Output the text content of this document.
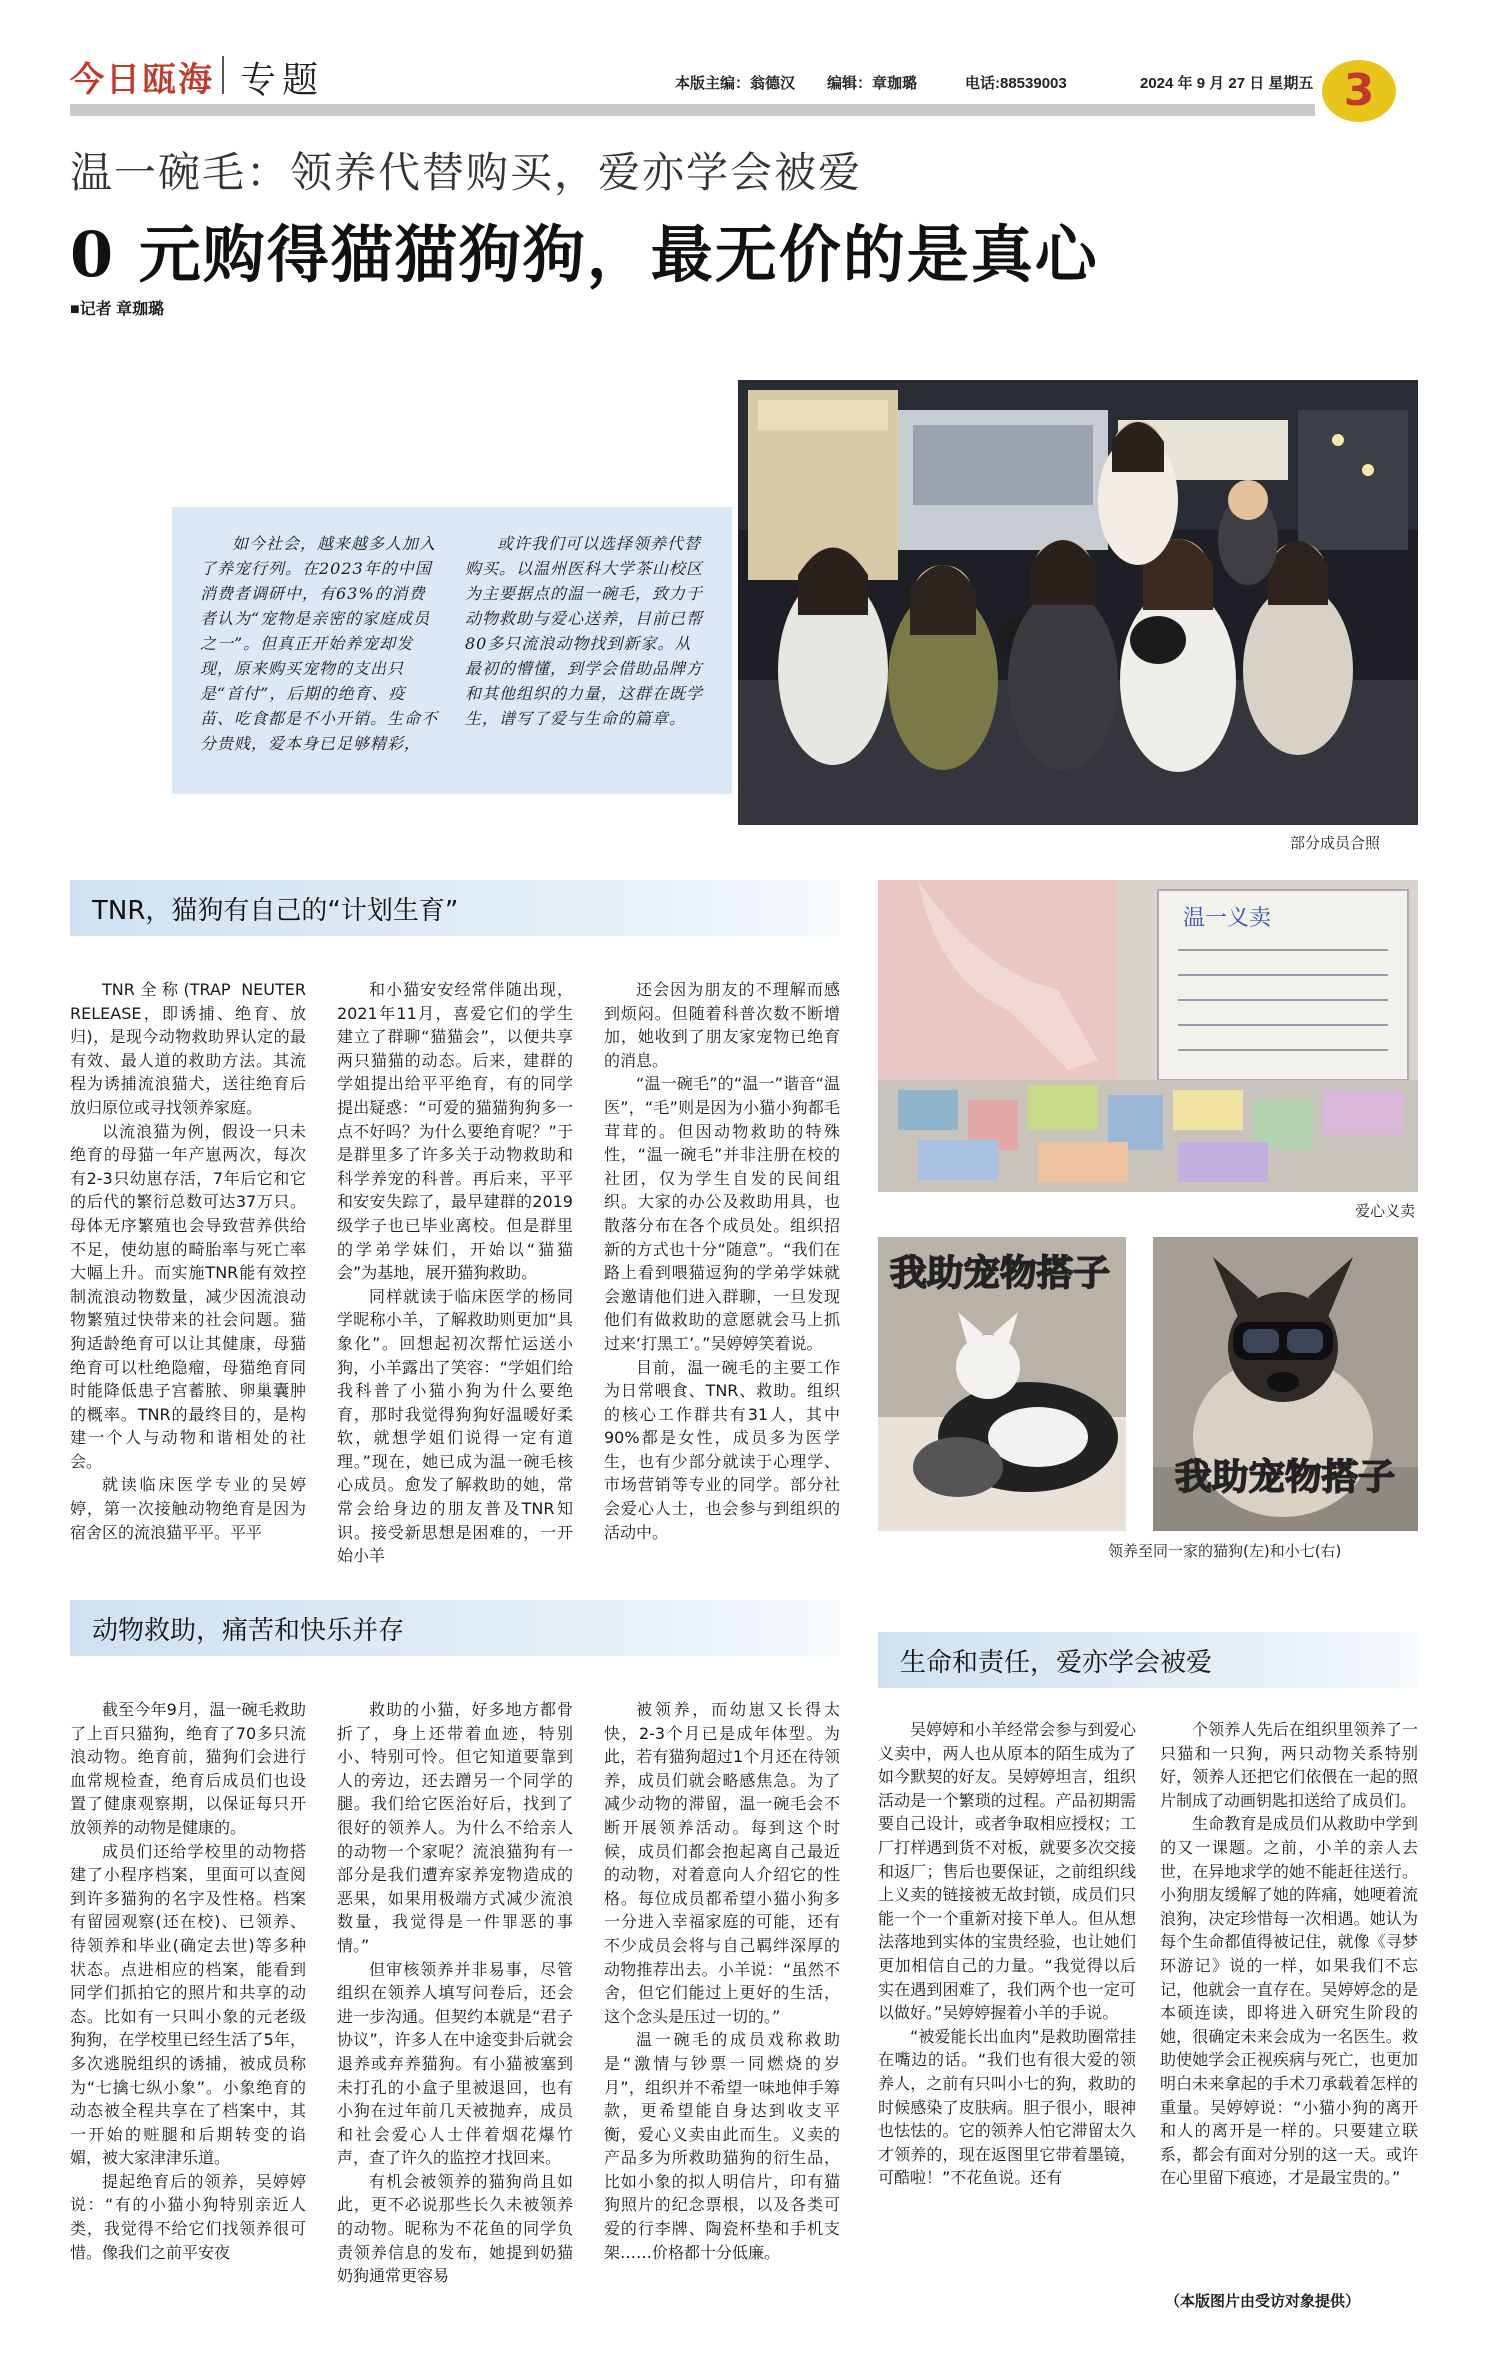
今日瓯海 专题	本版主编：翁德汉 编辑：章珈璐	电话:88539003	2024 年 9 月 27 日 星期五 3
温一碗毛：领养代替购买，爱亦学会被爱
0 元购得猫猫狗狗，最无价的是真心
■记者 章珈璐
部分成员合照

如今社会，越来越多人加入了养宠行列。在2023年的中国消费者调研中，有63%的消费者认为“宠物是亲密的家庭成员之一”。但真正开始养宠却发现，原来购买宠物的支出只是“首付”，后期的绝育、疫苗、吃食都是不小开销。生命不分贵贱，爱本身已足够精彩，

或许我们可以选择领养代替购买。以温州医科大学茶山校区为主要据点的温一碗毛，致力于动物救助与爱心送养，目前已帮80多只流浪动物找到新家。从最初的懵懂，到学会借助品牌方和其他组织的力量，这群在既学生，谱写了爱与生命的篇章。

TNR，猫狗有自己的“计划生育”

TNR全称(TRAP NEUTER RELEASE，即诱捕、绝育、放归)，是现今动物救助界认定的最有效、最人道的救助方法。其流程为诱捕流浪猫犬，送往绝育后放归原位或寻找领养家庭。

以流浪猫为例，假设一只未绝育的母猫一年产崽两次，每次有2-3只幼崽存活，7年后它和它的后代的繁衍总数可达37万只。母体无序繁殖也会导致营养供给不足，使幼崽的畸胎率与死亡率大幅上升。而实施TNR能有效控制流浪动物数量，减少因流浪动物繁殖过快带来的社会问题。猫狗适龄绝育可以让其健康，母猫绝育可以杜绝隐瘤，母猫绝育同时能降低患子宫蓄脓、卵巢囊肿的概率。TNR的最终目的，是构建一个人与动物和谐相处的社会。

就读临床医学专业的吴婷婷，第一次接触动物绝育是因为宿舍区的流浪猫平平。平平

和小猫安安经常伴随出现，2021年11月，喜爱它们的学生建立了群聊“猫猫会”，以便共享两只猫猫的动态。后来，建群的学姐提出给平平绝育，有的同学提出疑惑：“可爱的猫猫狗狗多一点不好吗？为什么要绝育呢？”于是群里多了许多关于动物救助和科学养宠的科普。再后来，平平和安安失踪了，最早建群的2019级学子也已毕业离校。但是群里的学弟学妹们，开始以“猫猫会”为基地，展开猫狗救助。

同样就读于临床医学的杨同学昵称小羊，了解救助则更加“具象化”。回想起初次帮忙运送小狗，小羊露出了笑容：“学姐们给我科普了小猫小狗为什么要绝育，那时我觉得狗狗好温暖好柔软，就想学姐们说得一定有道理。”现在，她已成为温一碗毛核心成员。愈发了解救助的她，常常会给身边的朋友普及TNR知识。接受新思想是困难的，一开始小羊

还会因为朋友的不理解而感到烦闷。但随着科普次数不断增加，她收到了朋友家宠物已绝育的消息。

“温一碗毛”的“温一”谐音“温医”，“毛”则是因为小猫小狗都毛茸茸的。但因动物救助的特殊性，“温一碗毛”并非注册在校的社团，仅为学生自发的民间组织。大家的办公及救助用具，也散落分布在各个成员处。组织招新的方式也十分“随意”。“我们在路上看到喂猫逗狗的学弟学妹就会邀请他们进入群聊，一旦发现他们有做救助的意愿就会马上抓过来‘打黑工’。”吴婷婷笑着说。

目前，温一碗毛的主要工作为日常喂食、TNR、救助。组织的核心工作群共有31人，其中90%都是女性，成员多为医学生，也有少部分就读于心理学、市场营销等专业的同学。部分社会爱心人士，也会参与到组织的活动中。

温一义卖
爱心义卖
我助宠物搭子
我助宠物搭子
领养至同一家的猫狗(左)和小七(右)
动物救助，痛苦和快乐并存

截至今年9月，温一碗毛救助了上百只猫狗，绝育了70多只流浪动物。绝育前，猫狗们会进行血常规检查，绝育后成员们也设置了健康观察期，以保证每只开放领养的动物是健康的。

成员们还给学校里的动物搭建了小程序档案，里面可以查阅到许多猫狗的名字及性格。档案有留园观察(还在校)、已领养、待领养和毕业(确定去世)等多种状态。点进相应的档案，能看到同学们抓拍它的照片和共享的动态。比如有一只叫小象的元老级狗狗，在学校里已经生活了5年，多次逃脱组织的诱捕，被成员称为“七擒七纵小象”。小象绝育的动态被全程共享在了档案中，其一开始的赃腿和后期转变的谄媚，被大家津津乐道。

提起绝育后的领养，吴婷婷说：“有的小猫小狗特别亲近人类，我觉得不给它们找领养很可惜。像我们之前平安夜

救助的小猫，好多地方都骨折了，身上还带着血迹，特别小、特别可怜。但它知道要靠到人的旁边，还去蹭另一个同学的腿。我们给它医治好后，找到了很好的领养人。为什么不给亲人的动物一个家呢？流浪猫狗有一部分是我们遭弃家养宠物造成的恶果，如果用极端方式减少流浪数量，我觉得是一件罪恶的事情。”

但审核领养并非易事，尽管组织在领养人填写问卷后，还会进一步沟通。但契约本就是“君子协议”，许多人在中途变卦后就会退养或弃养猫狗。有小猫被塞到未打孔的小盒子里被退回，也有小狗在过年前几天被抛弃，成员和社会爱心人士伴着烟花爆竹声，查了许久的监控才找回来。

有机会被领养的猫狗尚且如此，更不必说那些长久未被领养的动物。昵称为不花鱼的同学负责领养信息的发布，她提到奶猫奶狗通常更容易

被领养，而幼崽又长得太快，2-3个月已是成年体型。为此，若有猫狗超过1个月还在待领养，成员们就会略感焦急。为了减少动物的滞留，温一碗毛会不断开展领养活动。每到这个时候，成员们都会抱起离自己最近的动物，对着意向人介绍它的性格。每位成员都希望小猫小狗多一分进入幸福家庭的可能，还有不少成员会将与自己羁绊深厚的动物推荐出去。小羊说：“虽然不舍，但它们能过上更好的生活，这个念头是压过一切的。”

温一碗毛的成员戏称救助是“激情与钞票一同燃烧的岁月”，组织并不希望一味地伸手筹款，更希望能自身达到收支平衡，爱心义卖由此而生。义卖的产品多为所救助猫狗的衍生品，比如小象的拟人明信片，印有猫狗照片的纪念票根，以及各类可爱的行李牌、陶瓷杯垫和手机支架……价格都十分低廉。

生命和责任，爱亦学会被爱

吴婷婷和小羊经常会参与到爱心义卖中，两人也从原本的陌生成为了如今默契的好友。吴婷婷坦言，组织活动是一个繁琐的过程。产品初期需要自己设计，或者争取相应授权；工厂打样遇到货不对板，就要多次交接和返厂；售后也要保证，之前组织线上义卖的链接被无故封锁，成员们只能一个一个重新对接下单人。但从想法落地到实体的宝贵经验，也让她们更加相信自己的力量。“我觉得以后实在遇到困难了，我们两个也一定可以做好。”吴婷婷握着小羊的手说。

“被爱能长出血肉”是救助圈常挂在嘴边的话。“我们也有很大爱的领养人，之前有只叫小七的狗，救助的时候感染了皮肤病。胆子很小，眼神也怯怯的。它的领养人怕它滞留太久才领养的，现在返图里它带着墨镜，可酷啦！”不花鱼说。还有

个领养人先后在组织里领养了一只猫和一只狗，两只动物关系特别好，领养人还把它们依偎在一起的照片制成了动画钥匙扣送给了成员们。

生命教育是成员们从救助中学到的又一课题。之前，小羊的亲人去世，在异地求学的她不能赶往送行。小狗朋友缓解了她的阵痛，她哽着流浪狗，决定珍惜每一次相遇。她认为每个生命都值得被记住，就像《寻梦环游记》说的一样，如果我们不忘记，他就会一直存在。吴婷婷念的是本硕连读，即将进入研究生阶段的她，很确定未来会成为一名医生。救助使她学会正视疾病与死亡，也更加明白未来拿起的手术刀承载着怎样的重量。吴婷婷说：“小猫小狗的离开和人的离开是一样的。只要建立联系，都会有面对分别的这一天。或许在心里留下痕迹，才是最宝贵的。”

（本版图片由受访对象提供）
